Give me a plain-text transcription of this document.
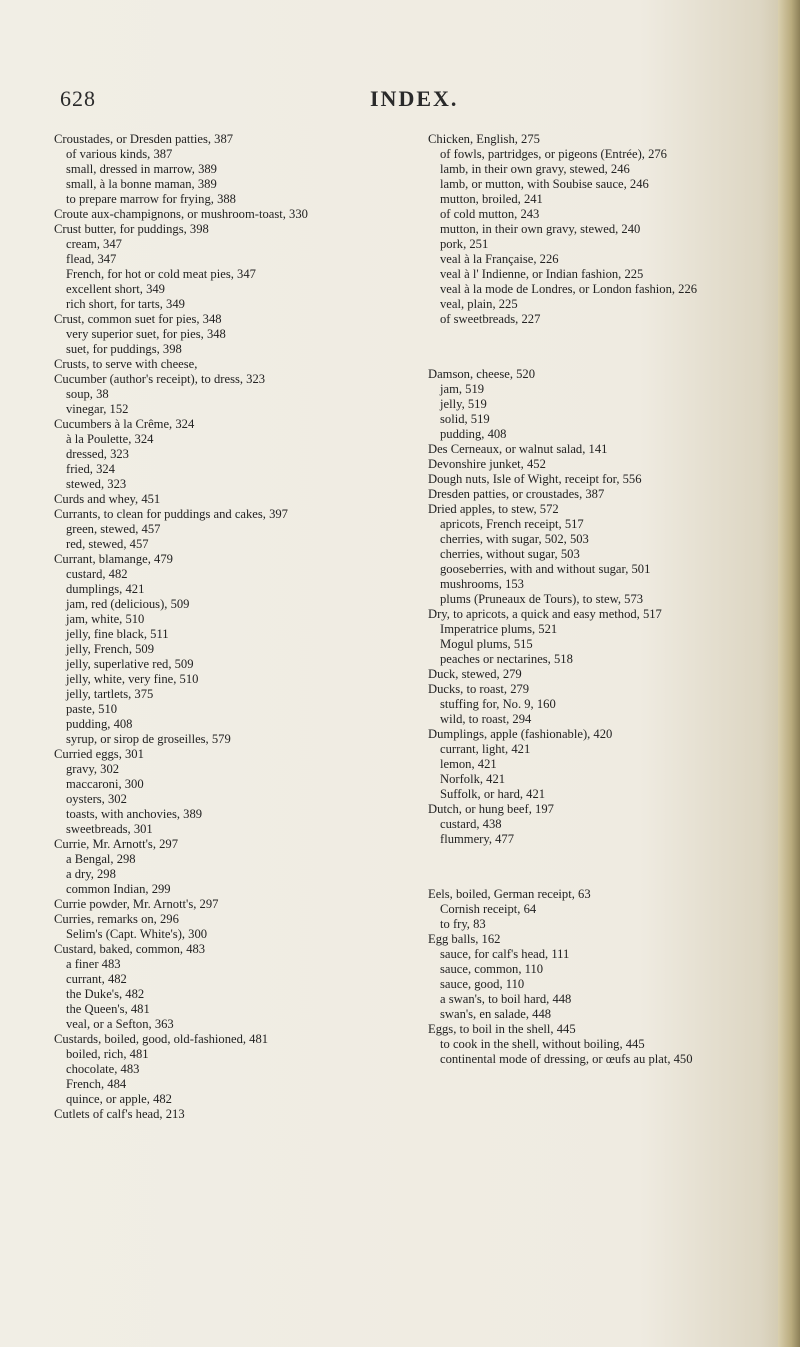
628	INDEX.

Croustades, or Dresden patties, 387

of various kinds, 387

small, dressed in marrow, 389

small, à la bonne maman, 389

to prepare marrow for frying, 388

Croute aux-champignons, or mushroom-toast, 330

Crust butter, for puddings, 398

cream, 347

flead, 347

French, for hot or cold meat pies, 347

excellent short, 349

rich short, for tarts, 349

Crust, common suet for pies, 348

very superior suet, for pies, 348

suet, for puddings, 398

Crusts, to serve with cheese,

Cucumber (author's receipt), to dress, 323

soup, 38

vinegar, 152

Cucumbers à la Crême, 324

à la Poulette, 324

dressed, 323

fried, 324

stewed, 323

Curds and whey, 451

Currants, to clean for puddings and cakes, 397

green, stewed, 457

red, stewed, 457

Currant, blamange, 479

custard, 482

dumplings, 421

jam, red (delicious), 509

jam, white, 510

jelly, fine black, 511

jelly, French, 509

jelly, superlative red, 509

jelly, white, very fine, 510

jelly, tartlets, 375

paste, 510

pudding, 408

syrup, or sirop de groseilles, 579

Curried eggs, 301

gravy, 302

maccaroni, 300

oysters, 302

toasts, with anchovies, 389

sweetbreads, 301

Currie, Mr. Arnott's, 297

a Bengal, 298

a dry, 298

common Indian, 299

Currie powder, Mr. Arnott's, 297

Curries, remarks on, 296

Selim's (Capt. White's), 300

Custard, baked, common, 483

a finer 483

currant, 482

the Duke's, 482

the Queen's, 481

veal, or a Sefton, 363

Custards, boiled, good, old-fashioned, 481

boiled, rich, 481

chocolate, 483

French, 484

quince, or apple, 482

Cutlets of calf's head, 213

Chicken, English, 275

of fowls, partridges, or pigeons (Entrée), 276

lamb, in their own gravy, stewed, 246

lamb, or mutton, with Soubise sauce, 246

mutton, broiled, 241

of cold mutton, 243

mutton, in their own gravy, stewed, 240

pork, 251

veal à la Française, 226

veal à l' Indienne, or Indian fashion, 225

veal à la mode de Londres, or London fashion, 226

veal, plain, 225

of sweetbreads, 227

Damson, cheese, 520

jam, 519

jelly, 519

solid, 519

pudding, 408

Des Cerneaux, or walnut salad, 141

Devonshire junket, 452

Dough nuts, Isle of Wight, receipt for, 556

Dresden patties, or croustades, 387

Dried apples, to stew, 572

apricots, French receipt, 517

cherries, with sugar, 502, 503

cherries, without sugar, 503

gooseberries, with and without sugar, 501

mushrooms, 153

plums (Pruneaux de Tours), to stew, 573

Dry, to apricots, a quick and easy method, 517

Imperatrice plums, 521

Mogul plums, 515

peaches or nectarines, 518

Duck, stewed, 279

Ducks, to roast, 279

stuffing for, No. 9, 160

wild, to roast, 294

Dumplings, apple (fashionable), 420

currant, light, 421

lemon, 421

Norfolk, 421

Suffolk, or hard, 421

Dutch, or hung beef, 197

custard, 438

flummery, 477

Eels, boiled, German receipt, 63

Cornish receipt, 64

to fry, 83

Egg balls, 162

sauce, for calf's head, 111

sauce, common, 110

sauce, good, 110

a swan's, to boil hard, 448

swan's, en salade, 448

Eggs, to boil in the shell, 445

to cook in the shell, without boiling, 445

continental mode of dressing, or œufs au plat, 450
